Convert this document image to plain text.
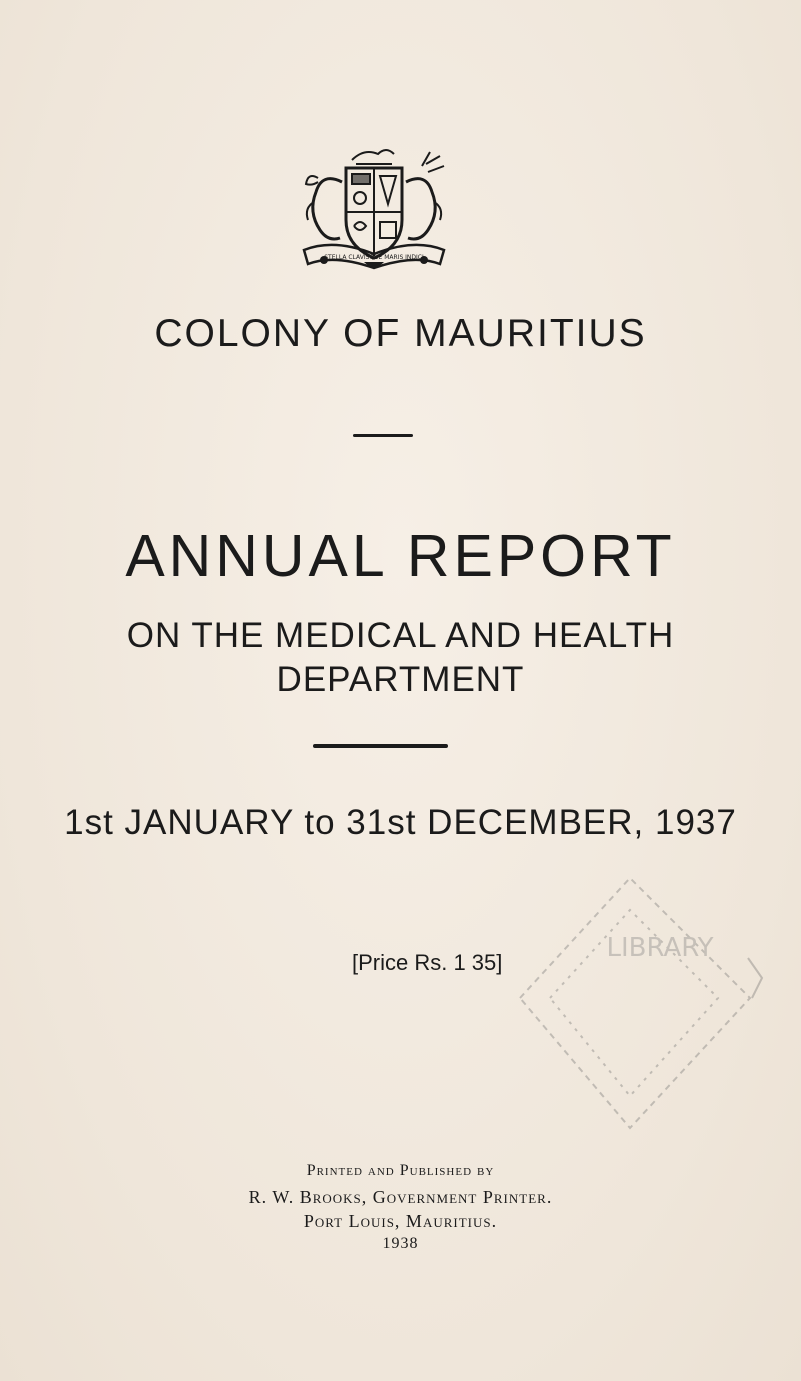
STELLA CLAVISQUE MARIS INDICI
COLONY OF MAURITIUS
ANNUAL REPORT
ON THE MEDICAL AND HEALTH
DEPARTMENT
1st JANUARY to 31st DECEMBER, 1937
[Price Rs. 1 35]	LIBRARY
Printed and Published by
R. W. Brooks, Government Printer.
Port Louis, Mauritius.
1938
